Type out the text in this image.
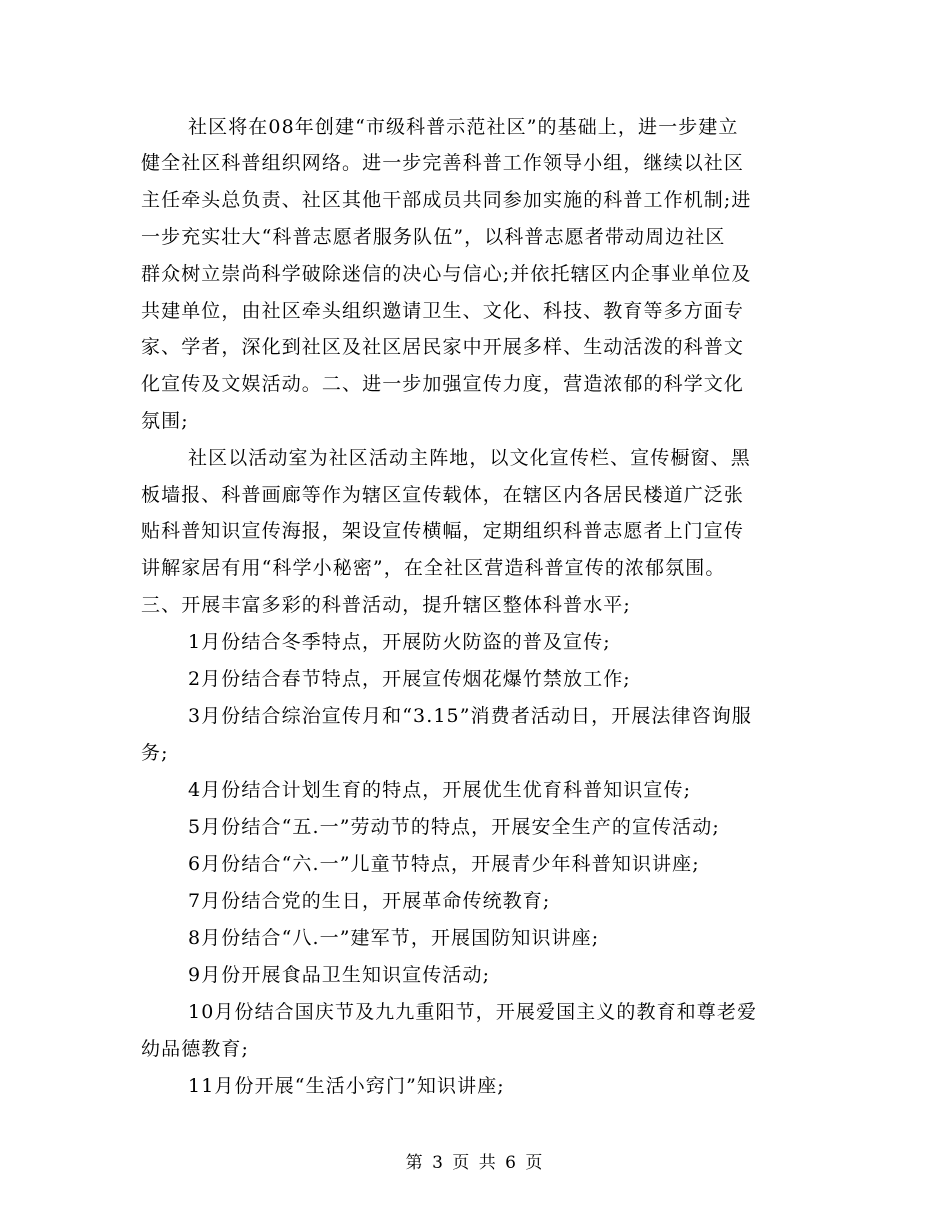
社区将在08年创建“市级科普示范社区”的基础上，进一步建立
健全社区科普组织网络。进一步完善科普工作领导小组，继续以社区
主任牵头总负责、社区其他干部成员共同参加实施的科普工作机制;进
一步充实壮大“科普志愿者服务队伍”，以科普志愿者带动周边社区
群众树立崇尚科学破除迷信的决心与信心;并依托辖区内企事业单位及
共建单位，由社区牵头组织邀请卫生、文化、科技、教育等多方面专
家、学者，深化到社区及社区居民家中开展多样、生动活泼的科普文
化宣传及文娱活动。二、进一步加强宣传力度，营造浓郁的科学文化
氛围;
社区以活动室为社区活动主阵地，以文化宣传栏、宣传橱窗、黑
板墙报、科普画廊等作为辖区宣传载体，在辖区内各居民楼道广泛张
贴科普知识宣传海报，架设宣传横幅，定期组织科普志愿者上门宣传
讲解家居有用“科学小秘密”，在全社区营造科普宣传的浓郁氛围。
三、开展丰富多彩的科普活动，提升辖区整体科普水平;
1月份结合冬季特点，开展防火防盗的普及宣传;
2月份结合春节特点，开展宣传烟花爆竹禁放工作;
3月份结合综治宣传月和“3.15”消费者活动日，开展法律咨询服
务;
4月份结合计划生育的特点，开展优生优育科普知识宣传;
5月份结合“五.一”劳动节的特点，开展安全生产的宣传活动;
6月份结合“六.一”儿童节特点，开展青少年科普知识讲座;
7月份结合党的生日，开展革命传统教育;
8月份结合“八.一”建军节，开展国防知识讲座;
9月份开展食品卫生知识宣传活动;
10月份结合国庆节及九九重阳节，开展爱国主义的教育和尊老爱
幼品德教育;
11月份开展“生活小窍门”知识讲座;
第 3 页 共 6 页
